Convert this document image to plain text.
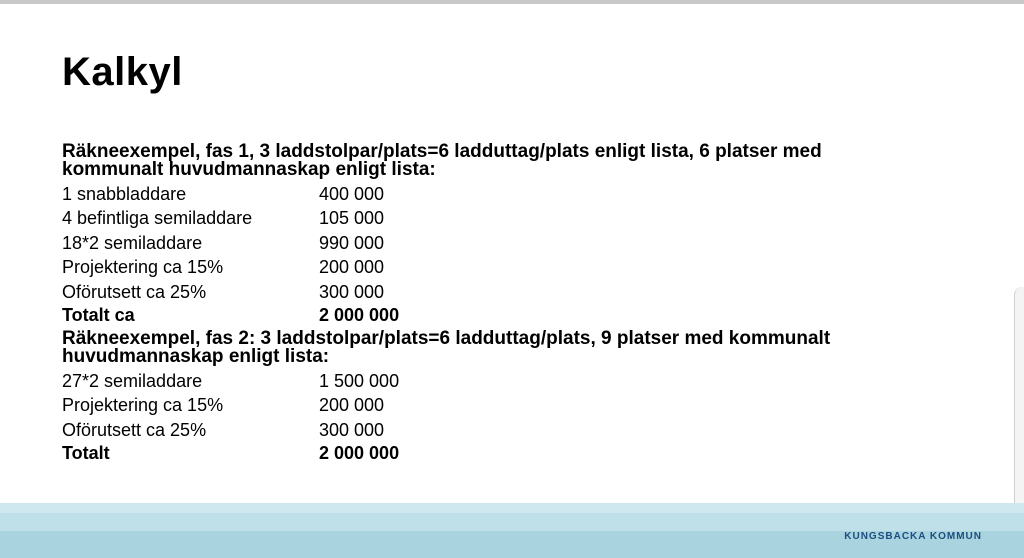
Kalkyl

Räkneexempel, fas 1, 3 laddstolpar/plats=6 ladduttag/plats enligt lista, 6 platser med kommunalt huvudmannaskap enligt lista:

1 snabbladdare	400 000
4 befintliga semiladdare	105 000
18*2 semiladdare	990 000
Projektering ca 15%	200 000
Oförutsett ca 25%	300 000
Totalt ca	2 000 000

Räkneexempel, fas 2: 3 laddstolpar/plats=6 ladduttag/plats, 9 platser med kommunalt huvudmannaskap enligt lista:

27*2 semiladdare	1 500 000
Projektering ca 15%	200 000
Oförutsett ca 25%	300 000
Totalt	2 000 000
KUNGSBACKA KOMMUN
